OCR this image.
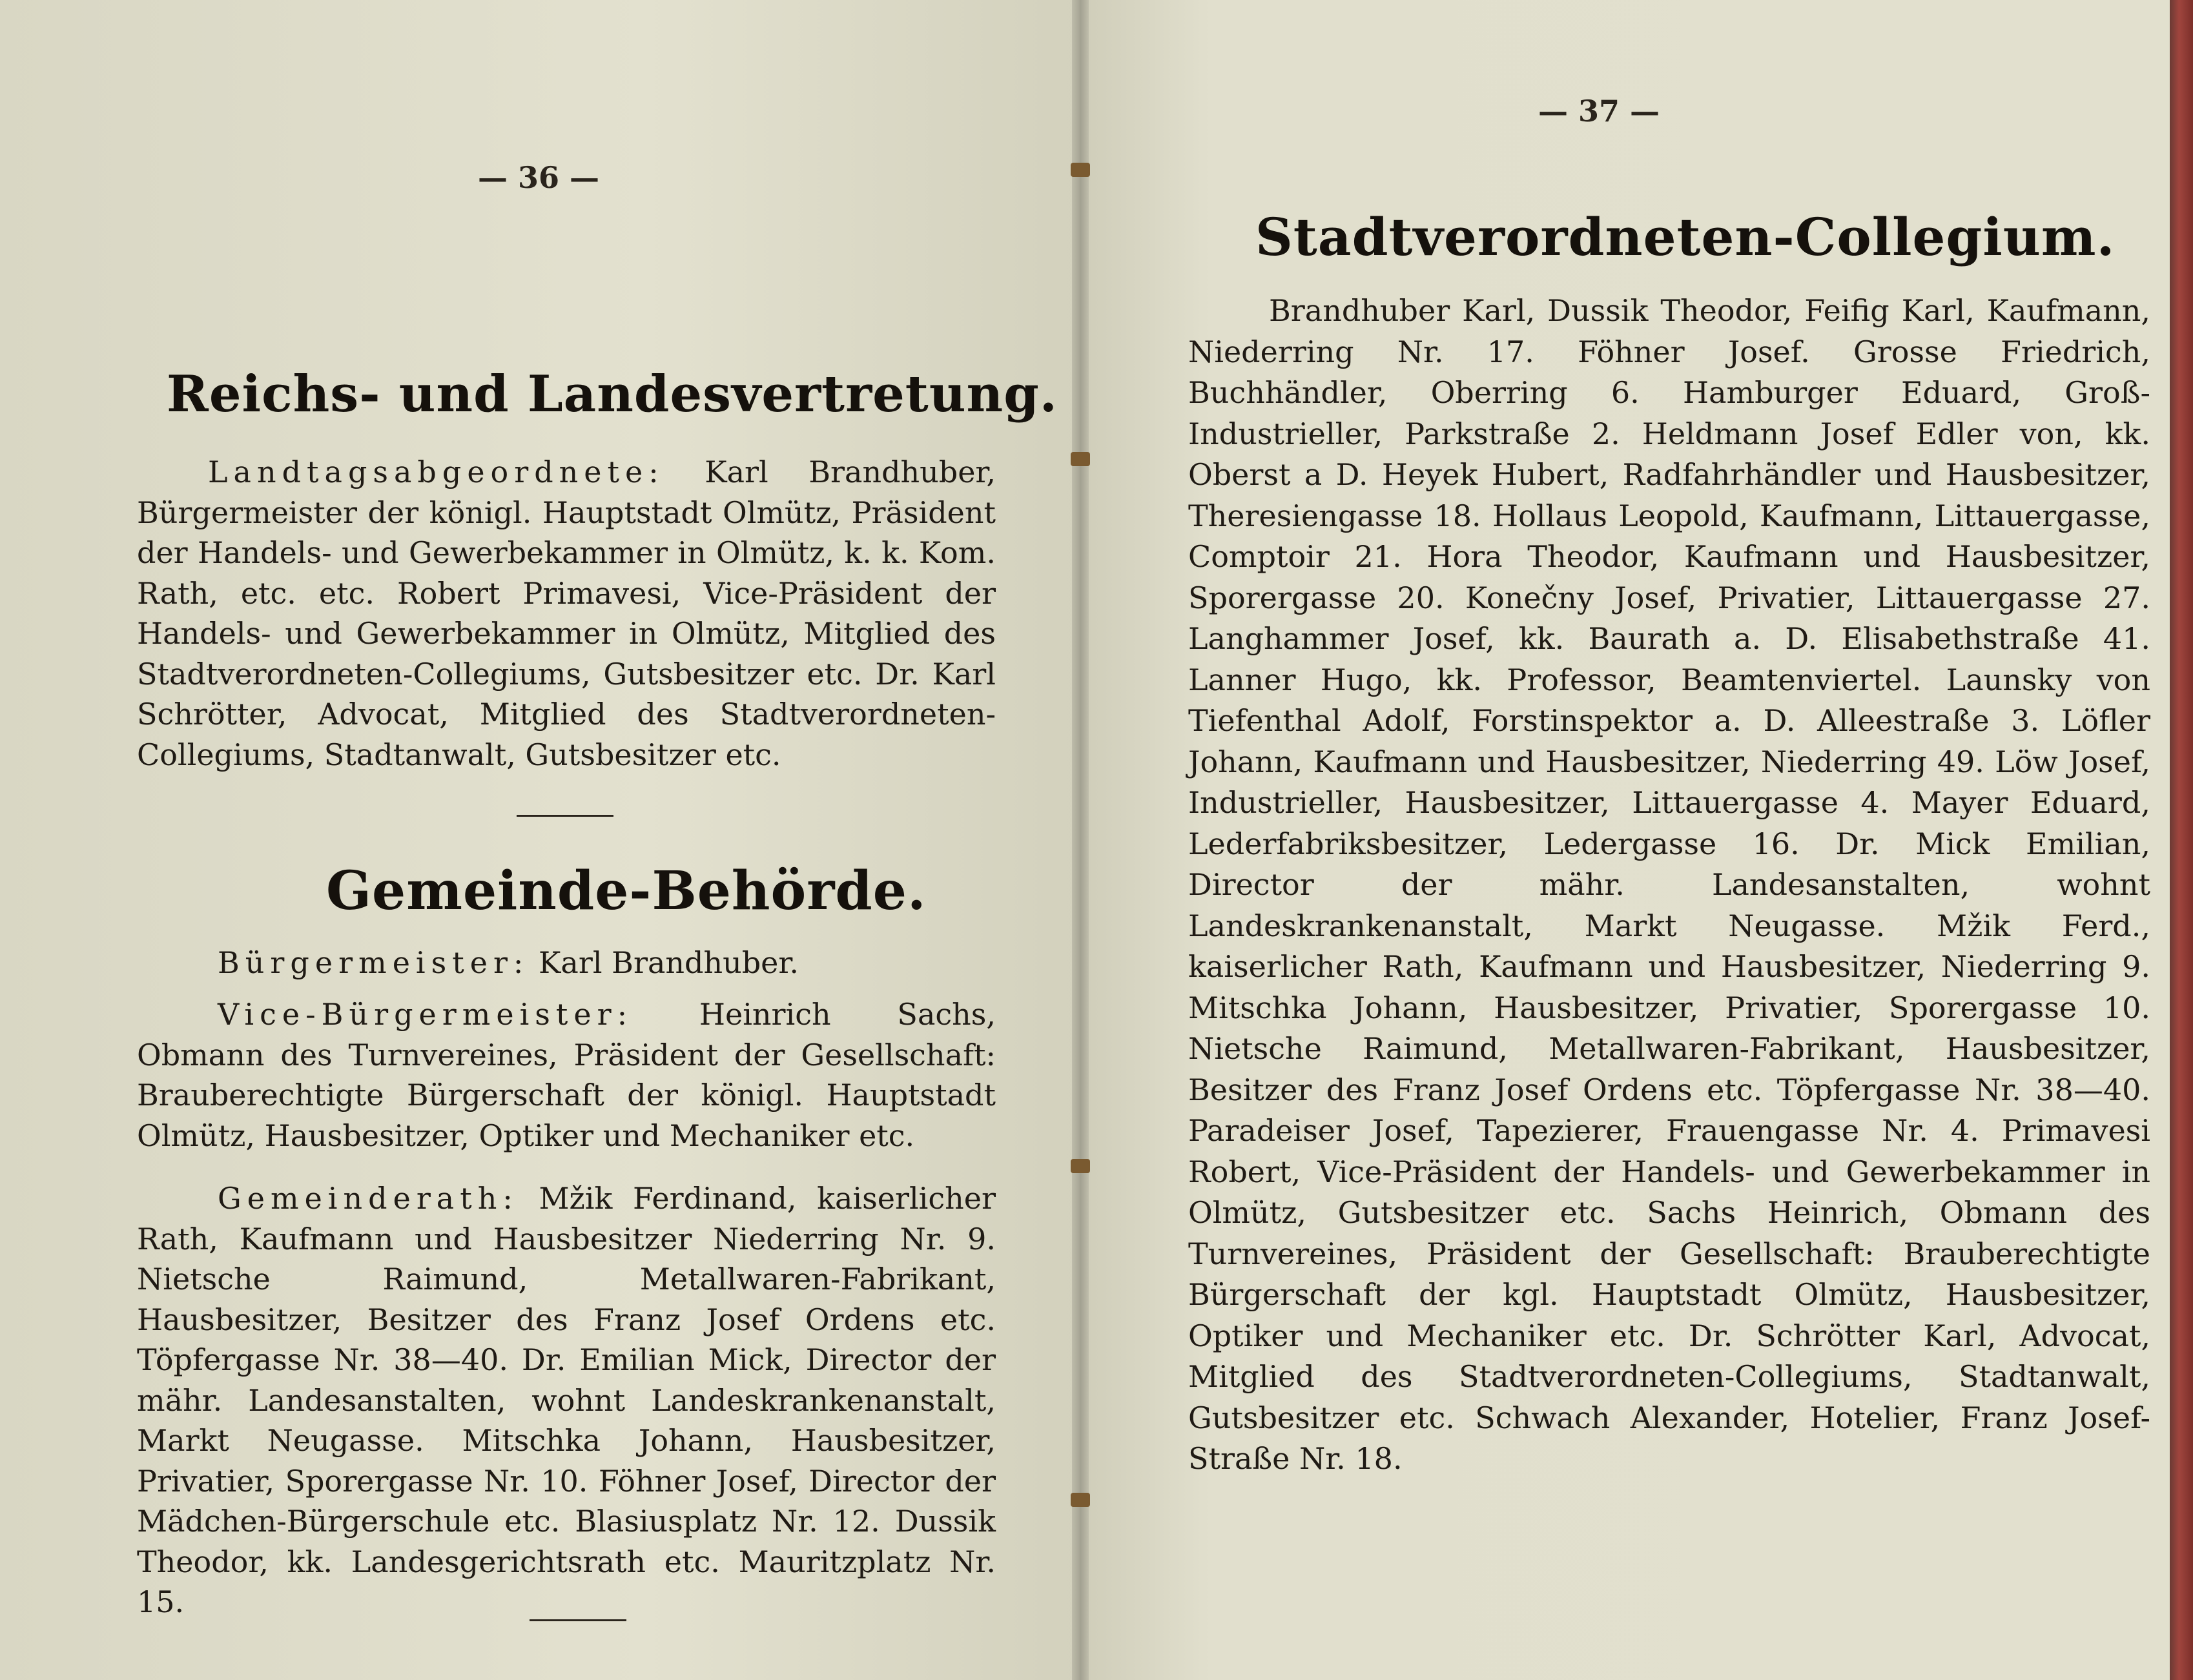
— 36 —
Reichs- und Landesvertretung.

Landtagsabgeordnete: Karl Brandhuber, Bürgermeister der königl. Hauptstadt Olmütz, Präsident der Handels- und Gewerbekammer in Olmütz, k. k. Kom. Rath, etc. etc. Robert Primavesi, Vice-Präsident der Handels- und Gewerbekammer in Olmütz, Mitglied des Stadtverordneten-Collegiums, Gutsbesitzer etc. Dr. Karl Schrötter, Advocat, Mitglied des Stadtverordneten-Collegiums, Stadtanwalt, Gutsbesitzer etc.

Gemeinde-Behörde.

Bürgermeister: Karl Brandhuber.

Vice-Bürgermeister: Heinrich Sachs, Obmann des Turnvereines, Präsident der Gesellschaft: Brauberechtigte Bürgerschaft der königl. Hauptstadt Olmütz, Hausbesitzer, Optiker und Mechaniker etc.

Gemeinderath: Mžik Ferdinand, kaiserlicher Rath, Kaufmann und Hausbesitzer Niederring Nr. 9. Nietsche Raimund, Metallwaren-Fabrikant, Hausbesitzer, Besitzer des Franz Josef Ordens etc. Töpfergasse Nr. 38—40. Dr. Emilian Mick, Director der mähr. Landesanstalten, wohnt Landeskrankenanstalt, Markt Neugasse. Mitschka Johann, Hausbesitzer, Privatier, Sporergasse Nr. 10. Föhner Josef, Director der Mädchen-Bürgerschule etc. Blasiusplatz Nr. 12. Dussik Theodor, kk. Landesgerichtsrath etc. Mauritzplatz Nr. 15.

— 37 —
Stadtverordneten-Collegium.

Brandhuber Karl, Dussik Theodor, Feifig Karl, Kaufmann, Niederring Nr. 17. Föhner Josef. Grosse Friedrich, Buchhändler, Oberring 6. Hamburger Eduard, Groß-Industrieller, Parkstraße 2. Heldmann Josef Edler von, kk. Oberst a D. Heyek Hubert, Radfahrhändler und Hausbesitzer, Theresiengasse 18. Hollaus Leopold, Kaufmann, Littauergasse, Comptoir 21. Hora Theodor, Kaufmann und Hausbesitzer, Sporergasse 20. Konečny Josef, Privatier, Littauergasse 27. Langhammer Josef, kk. Baurath a. D. Elisabethstraße 41. Lanner Hugo, kk. Professor, Beamtenviertel. Launsky von Tiefenthal Adolf, Forstinspektor a. D. Alleestraße 3. Löfler Johann, Kaufmann und Hausbesitzer, Niederring 49. Löw Josef, Industrieller, Hausbesitzer, Littauergasse 4. Mayer Eduard, Lederfabriksbesitzer, Ledergasse 16. Dr. Mick Emilian, Director der mähr. Landesanstalten, wohnt Landeskrankenanstalt, Markt Neugasse. Mžik Ferd., kaiserlicher Rath, Kaufmann und Hausbesitzer, Niederring 9. Mitschka Johann, Hausbesitzer, Privatier, Sporergasse 10. Nietsche Raimund, Metallwaren-Fabrikant, Hausbesitzer, Besitzer des Franz Josef Ordens etc. Töpfergasse Nr. 38—40. Paradeiser Josef, Tapezierer, Frauengasse Nr. 4. Primavesi Robert, Vice-Präsident der Handels- und Gewerbekammer in Olmütz, Gutsbesitzer etc. Sachs Heinrich, Obmann des Turnvereines, Präsident der Gesellschaft: Brauberechtigte Bürgerschaft der kgl. Hauptstadt Olmütz, Hausbesitzer, Optiker und Mechaniker etc. Dr. Schrötter Karl, Advocat, Mitglied des Stadtverordneten-Collegiums, Stadtanwalt, Gutsbesitzer etc. Schwach Alexander, Hotelier, Franz Josef-Straße Nr. 18.
